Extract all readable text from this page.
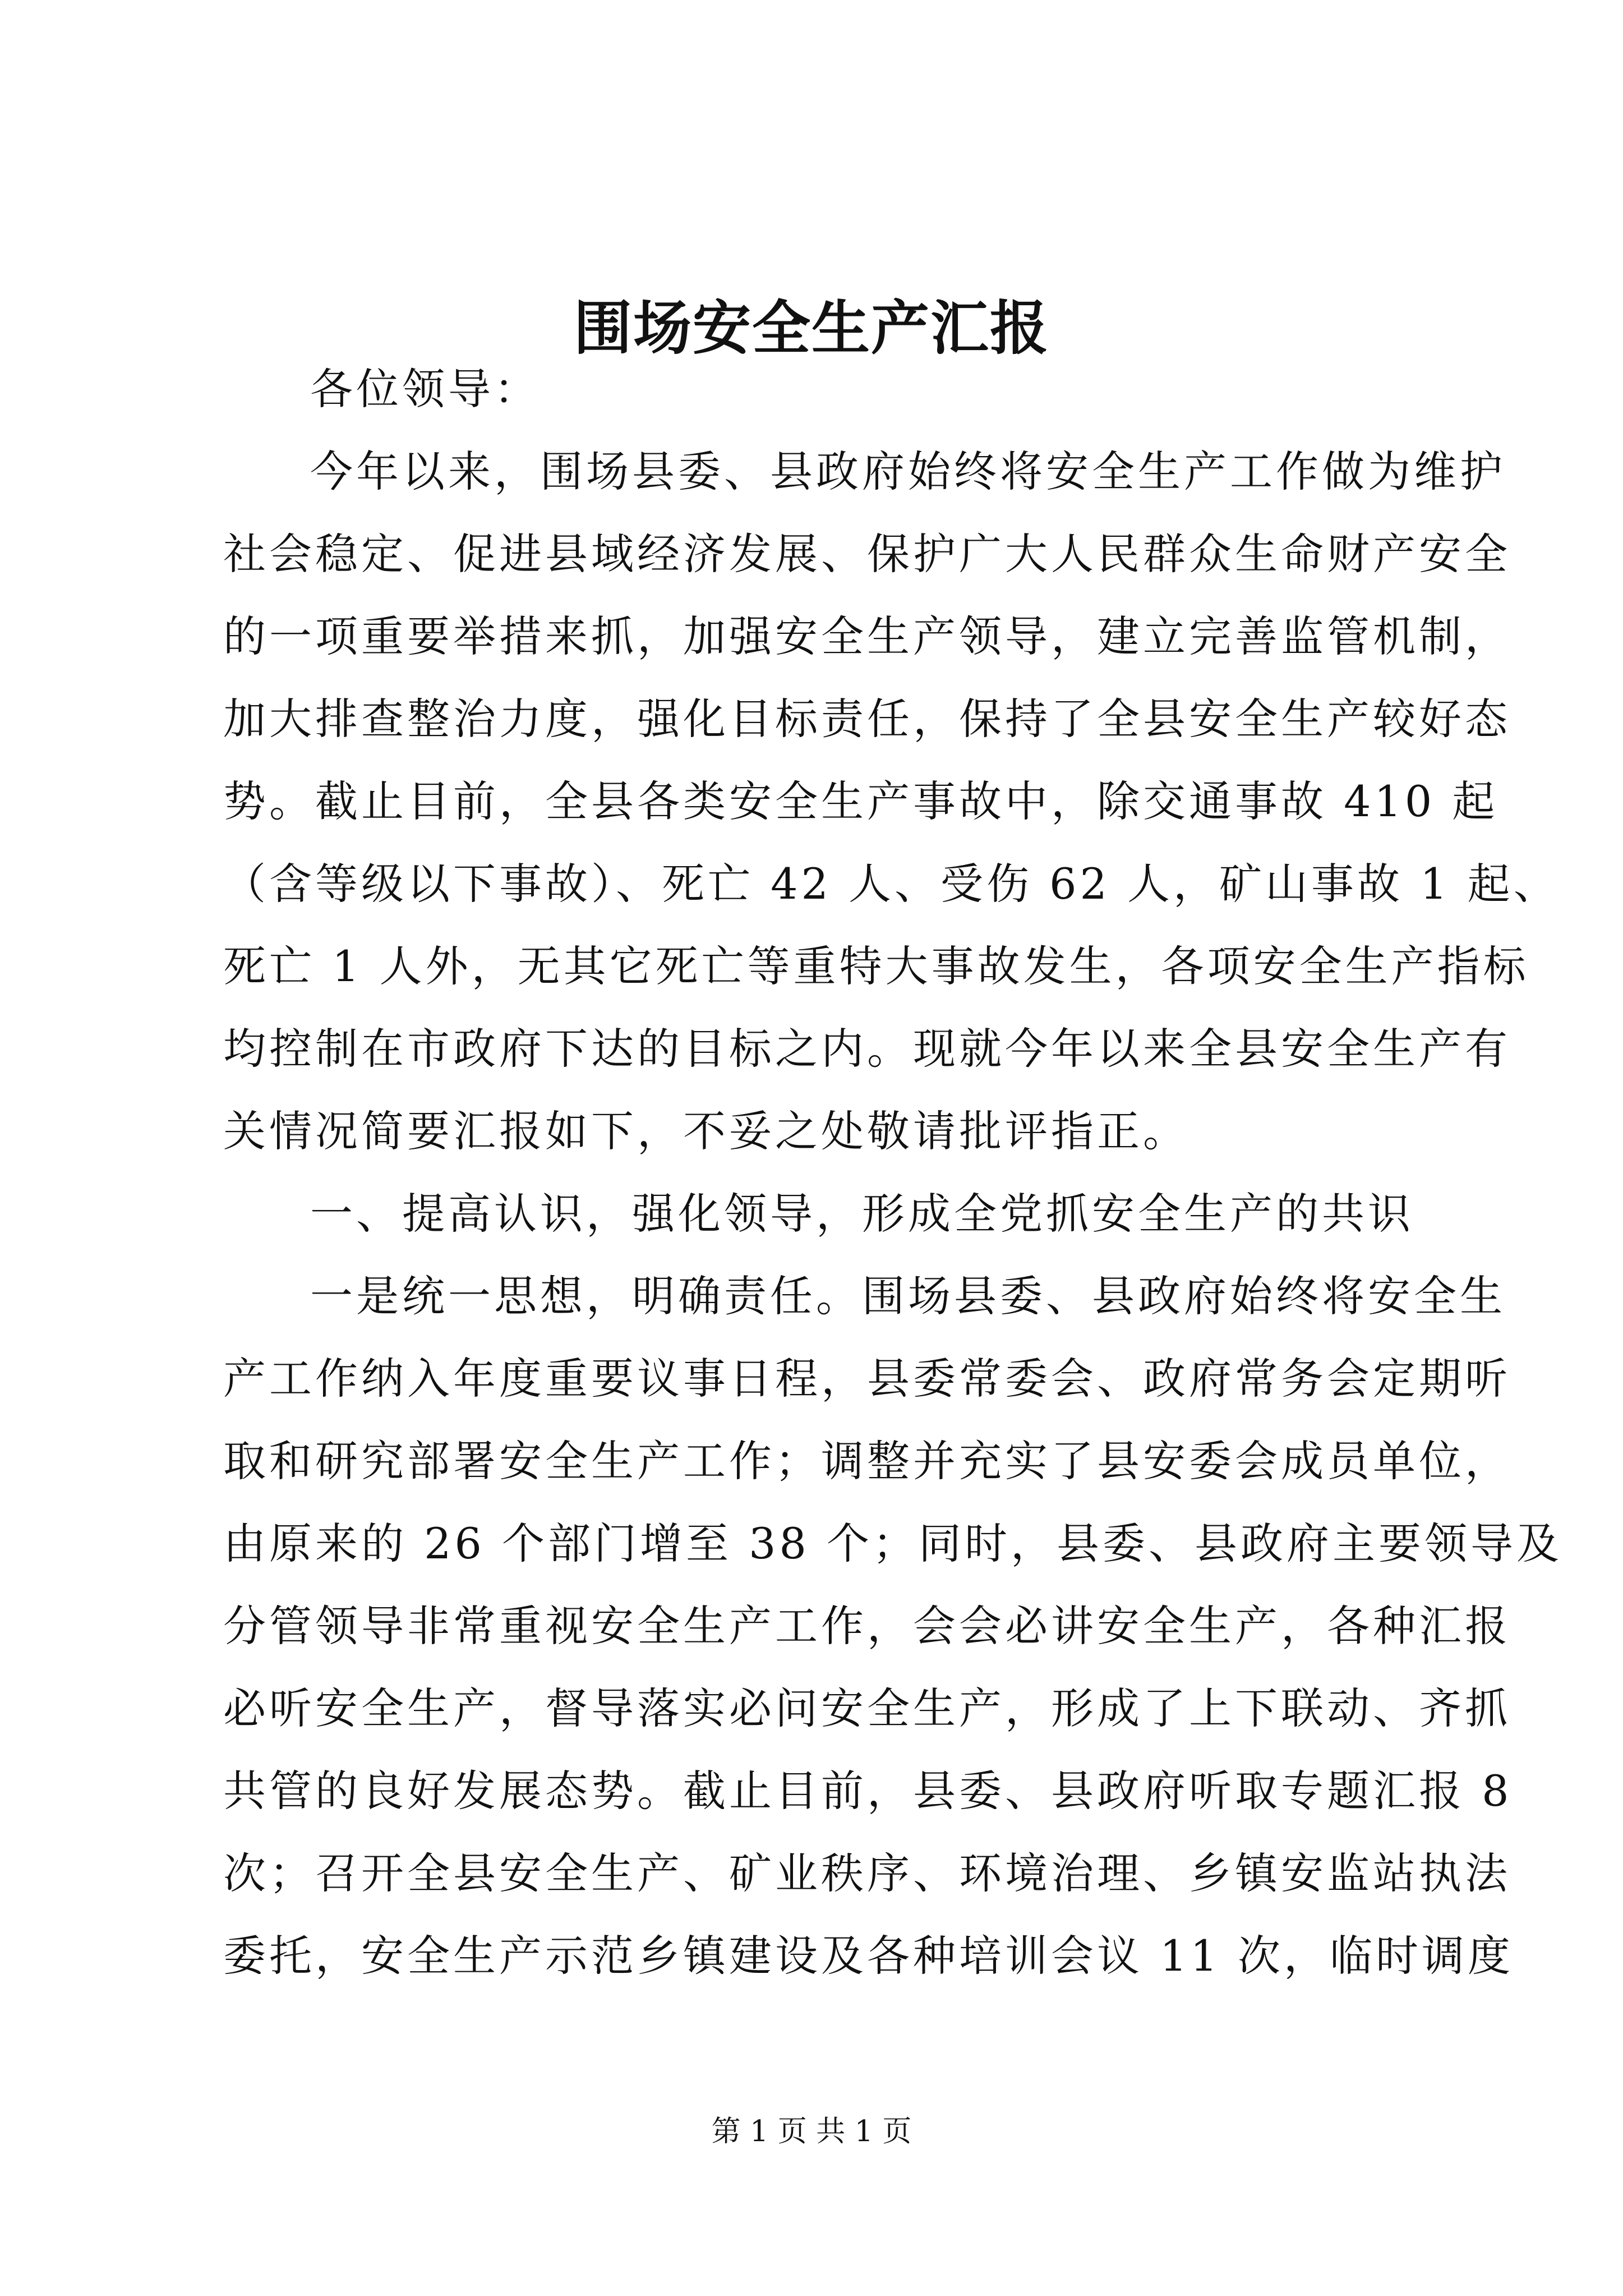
围场安全生产汇报
各位领导：
今年以来，围场县委、县政府始终将安全生产工作做为维护
社会稳定、促进县域经济发展、保护广大人民群众生命财产安全
的一项重要举措来抓，加强安全生产领导，建立完善监管机制，
加大排查整治力度，强化目标责任，保持了全县安全生产较好态
势。截止目前，全县各类安全生产事故中，除交通事故 410 起
（含等级以下事故）、死亡 42 人、受伤 62 人，矿山事故 1 起、
死亡 1 人外，无其它死亡等重特大事故发生，各项安全生产指标
均控制在市政府下达的目标之内。现就今年以来全县安全生产有
关情况简要汇报如下，不妥之处敬请批评指正。
一、提高认识，强化领导，形成全党抓安全生产的共识
一是统一思想，明确责任。围场县委、县政府始终将安全生
产工作纳入年度重要议事日程，县委常委会、政府常务会定期听
取和研究部署安全生产工作；调整并充实了县安委会成员单位，
由原来的 26 个部门增至 38 个；同时，县委、县政府主要领导及
分管领导非常重视安全生产工作，会会必讲安全生产，各种汇报
必听安全生产，督导落实必问安全生产，形成了上下联动、齐抓
共管的良好发展态势。截止目前，县委、县政府听取专题汇报 8
次；召开全县安全生产、矿业秩序、环境治理、乡镇安监站执法
委托，安全生产示范乡镇建设及各种培训会议 11 次，临时调度
第 1 页 共 1 页
